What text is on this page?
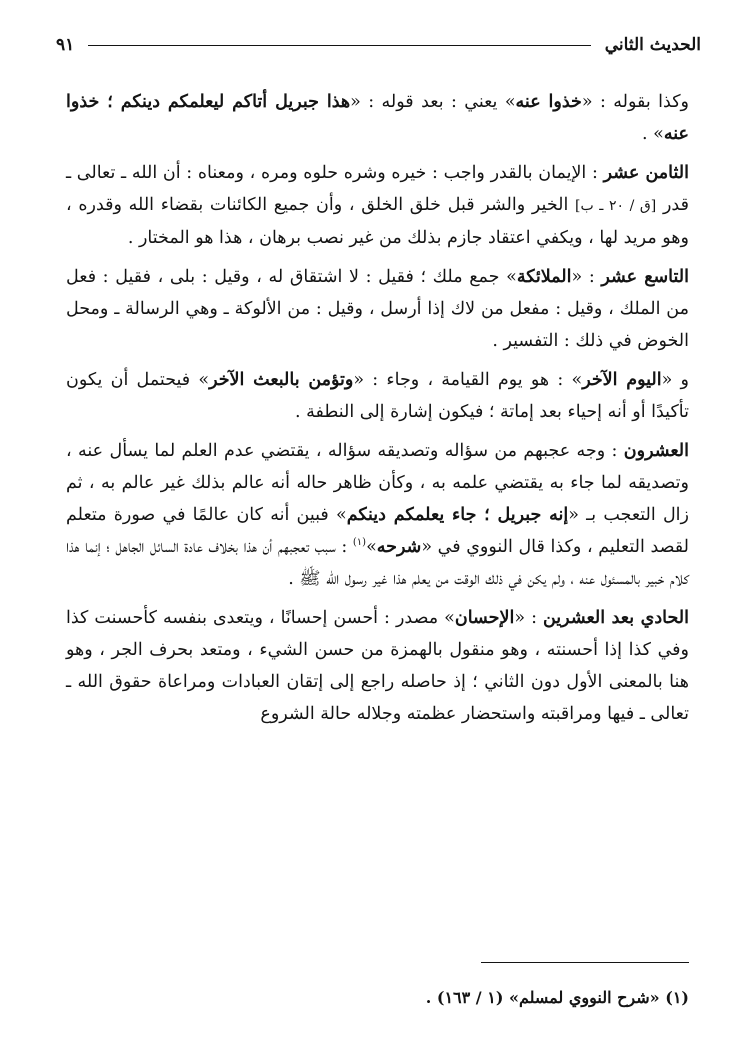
الحديث الثاني
٩١

وكذا بقوله : «خذوا عنه» يعني : بعد قوله : «هذا جبريل أتاكم ليعلمكم دينكم ؛ خذوا عنه» .

الثامن عشر : الإيمان بالقدر واجب : خيره وشره حلوه ومره ، ومعناه : أن الله ـ تعالى ـ قدر [ق / ٢٠ ـ ب] الخير والشر قبل خلق الخلق ، وأن جميع الكائنات بقضاء الله وقدره ، وهو مريد لها ، ويكفي اعتقاد جازم بذلك من غير نصب برهان ، هذا هو المختار .

التاسع عشر : «الملائكة» جمع ملك ؛ فقيل : لا اشتقاق له ، وقيل : بلى ، فقيل : فعل من الملك ، وقيل : مفعل من لاك إذا أرسل ، وقيل : من الألوكة ـ وهي الرسالة ـ ومحل الخوض في ذلك : التفسير .

و «اليوم الآخر» : هو يوم القيامة ، وجاء : «وتؤمن بالبعث الآخر» فيحتمل أن يكون تأكيدًا أو أنه إحياء بعد إماتة ؛ فيكون إشارة إلى النطفة .

العشرون : وجه عجبهم من سؤاله وتصديقه سؤاله ، يقتضي عدم العلم لما يسأل عنه ، وتصديقه لما جاء به يقتضي علمه به ، وكأن ظاهر حاله أنه عالم بذلك غير عالم به ، ثم زال التعجب بـ «إنه جبريل ؛ جاء يعلمكم دينكم» فبين أنه كان عالمًا في صورة متعلم لقصد التعليم ، وكذا قال النووي في «شرحه»$^{(١)}$ : سبب تعجبهم أن هذا بخلاف عادة السائل الجاهل ؛ إنما هذا كلام خبير بالمسئول عنه ، ولم يكن في ذلك الوقت من يعلم هذا غير رسول الله ﷺ .

الحادي بعد العشرين : «الإحسان» مصدر : أحسن إحسانًا ، ويتعدى بنفسه كأحسنت كذا وفي كذا إذا أحسنته ، وهو منقول بالهمزة من حسن الشيء ، ومتعد بحرف الجر ، وهو هنا بالمعنى الأول دون الثاني ؛ إذ حاصله راجع إلى إتقان العبادات ومراعاة حقوق الله ـ تعالى ـ فيها ومراقبته واستحضار عظمته وجلاله حالة الشروع

(١) «شرح النووي لمسلم» (١ / ١٦٣) .
